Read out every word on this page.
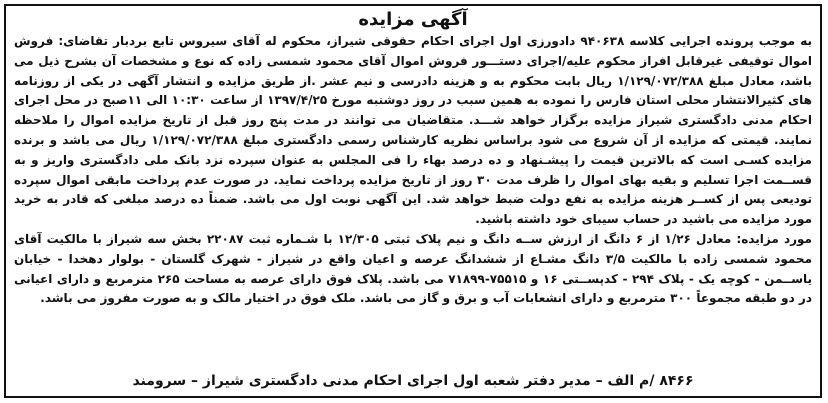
آگهی مزایده

به موجب پرونده اجرایی کلاسه ۹۴۰۶۳۸ دادورزی اول اجرای احکام حقوقی شیراز، محکوم له آقای سیروس تابع بردبار تقاضای: فروش اموال توقیفی غیرقابل افراز محکوم علیه/اجرای دستـــور فروش اموال آقای محمود شمسی زاده که نوع و مشخصات آن بشرح ذیل می باشد، معادل مبلغ ۱/۱۲۹/۰۷۲/۳۸۸ ریال بابت محکوم به و هزینه دادرسی و نیم عشر .از طریق مزایده و انتشار آگهی در یکی از روزنامه های کثیرالانتشار محلی استان فارس را نموده به همین سبب در روز دوشنبه مورخ ۱۳۹۷/۴/۲۵ از ساعت ۱۰:۳۰ الی ۱۱صبح در محل اجرای احکام مدنی دادگستری شیراز مزایده برگزار خواهد شـــد. متقاضیان می توانند در مدت پنج روز قبل از تاریخ مزایده اموال را ملاحظه نمایند. قیمتی که مزایده از آن شروع می شود براساس نظریه کارشناس رسمی دادگستری مبلغ ۱/۱۲۹/۰۷۲/۳۸۸ ریال می باشد و برنده مزایده کسـی است که بالاترین قیمت را پیشـنهاد و ده درصد بهاء را فی المجلس به عنوان سپرده نزد بانک ملی دادگستری واریز و به قســمت اجرا تسلیم و بقیه بهای اموال را ظرف مدت ۳۰ روز از تاریخ مزایده پرداخت نماید. در صورت عدم پرداخت مابقی اموال سپرده تودیعی پس از کســر هزینه مزایده به نفع دولت ضبط خواهد شد. این آگهی نوبت اول می باشد. ضمناً ده درصد مبلغی که قادر به خرید مورد مزایده می باشید در حساب سیبای خود داشته باشید.

مورد مزایده: معادل ۱/۲۶ از ۶ دانگ از ارزش ســه دانگ و نیم پلاک ثبتی ۱۲/۳۰۵ با شـماره ثبت ۲۲۰۸۷ بخش سه شیراز با مالکیت آقای محمود شمسی زاده با مالکیت ۳/۵ دانگ مشـاع از ششدانگ عرصه و اعیان واقع در شیراز - شهرک گلستان - بولوار دهخدا - خیابان یاســمن - کوچه یک - پلاک ۲۹۴ - کدپســتی ۱۶ و ۷۵۵۱۵-۷۱۸۹۹ می باشد. پلاک فوق دارای عرصه به مساحت ۲۶۵ مترمربع و دارای اعیانی در دو طبقه مجموعاً ۳۰۰ مترمربع و دارای انشعابات آب و برق و گاز می باشد. ملک فوق در اختیار مالک و به صورت مفروز می باشد.

۸۴۶۶ /م الف – مدیر دفتر شعبه اول اجرای احکام مدنی دادگستری شیراز – سرومند
